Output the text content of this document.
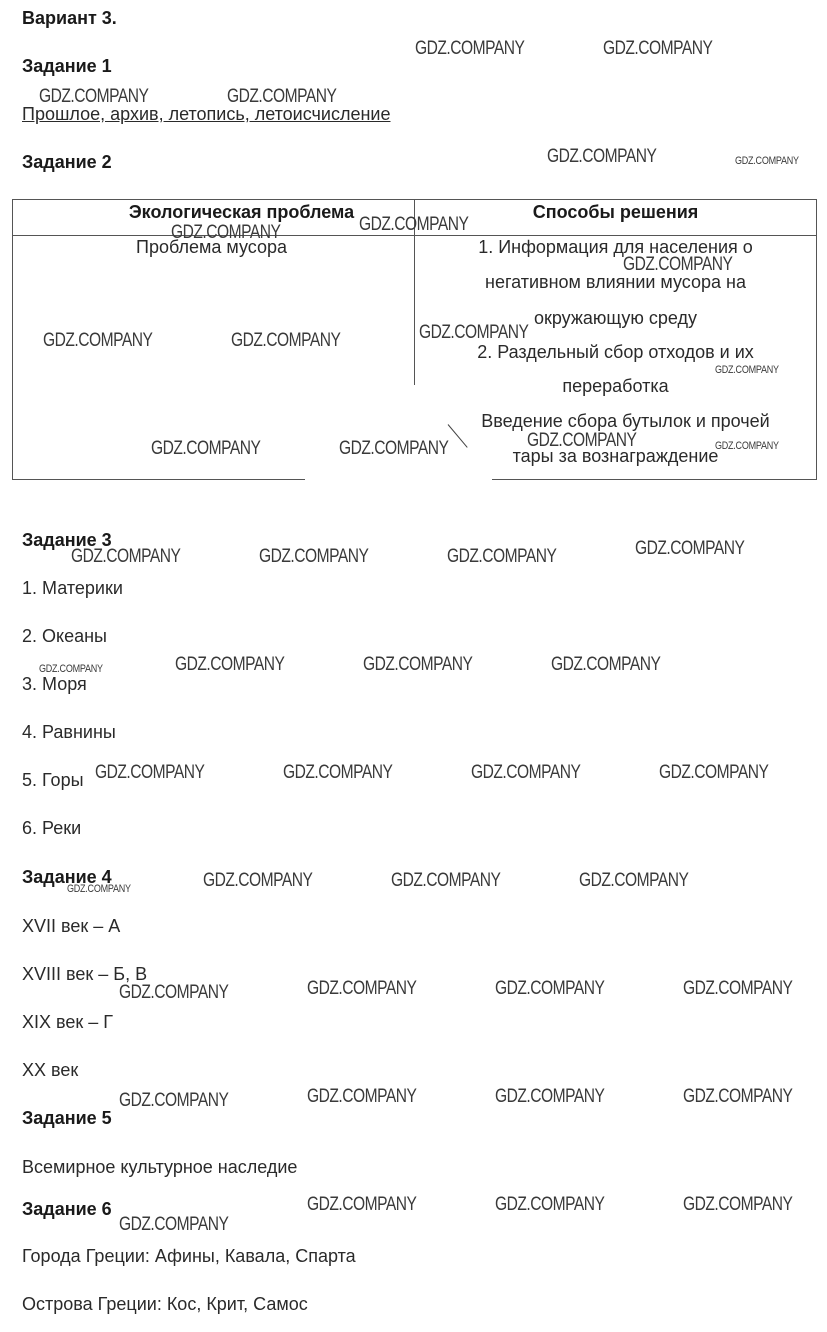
Вариант 3.
Задание 1
Прошлое, архив, летопись, летоисчисление
Задание 2
Экологическая проблема	Способы решения
Проблема мусора	1. Информация для населения о
негативном влиянии мусора на
окружающую среду
2. Раздельный сбор отходов и их
переработка
Введение сбора бутылок и прочей
тары за вознаграждение
Задание 3
1. Материки
2. Океаны
3. Моря
4. Равнины
5. Горы
6. Реки
Задание 4
XVII век – А
XVIII век – Б, В
XIX век – Г
XX век
Задание 5
Всемирное культурное наследие
Задание 6
Города Греции: Афины, Кавала, Спарта
Острова Греции: Кос, Крит, Самос
GDZ.COMPANY	GDZ.COMPANY
GDZ.COMPANY	GDZ.COMPANY
GDZ.COMPANY	GDZ.COMPANY
GDZ.COMPANY
GDZ.COMPANY
GDZ.COMPANY
GDZ.COMPANY
GDZ.COMPANY	GDZ.COMPANY
GDZ.COMPANY
GDZ.COMPANY	GDZ.COMPANY
GDZ.COMPANY	GDZ.COMPANY
GDZ.COMPANY
GDZ.COMPANY	GDZ.COMPANY	GDZ.COMPANY
GDZ.COMPANY	GDZ.COMPANY	GDZ.COMPANY	GDZ.COMPANY
GDZ.COMPANY	GDZ.COMPANY	GDZ.COMPANY	GDZ.COMPANY
GDZ.COMPANY	GDZ.COMPANY	GDZ.COMPANY	GDZ.COMPANY
GDZ.COMPANY	GDZ.COMPANY	GDZ.COMPANY	GDZ.COMPANY
GDZ.COMPANY	GDZ.COMPANY	GDZ.COMPANY	GDZ.COMPANY
GDZ.COMPANY
GDZ.COMPANY	GDZ.COMPANY	GDZ.COMPANY
